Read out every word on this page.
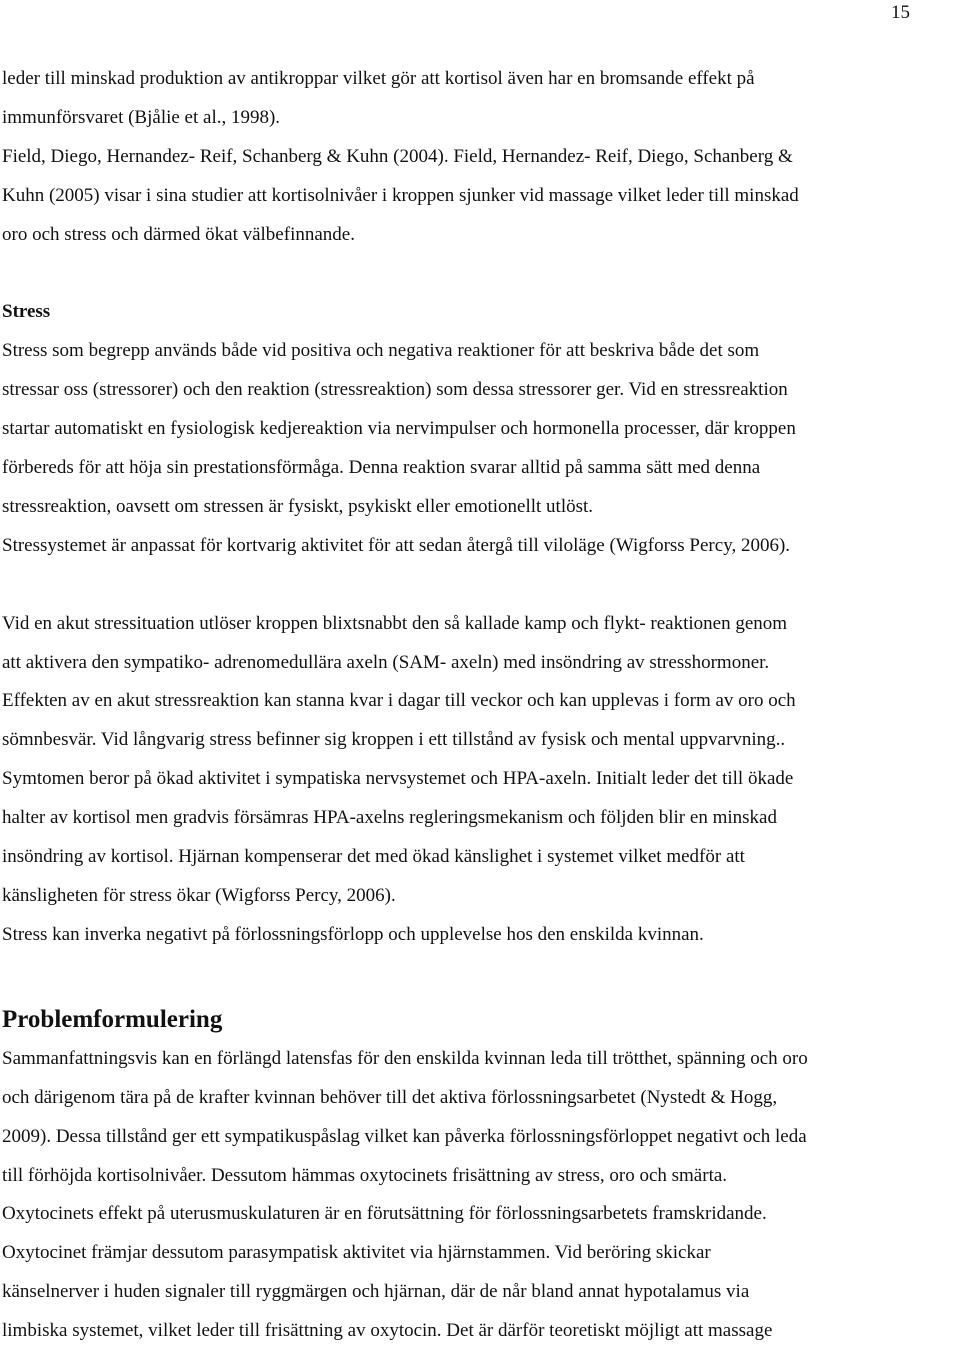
15
leder till minskad produktion av antikroppar vilket gör att kortisol även har en bromsande effekt på
immunförsvaret (Bjålie et al., 1998).
Field, Diego, Hernandez- Reif, Schanberg & Kuhn (2004). Field, Hernandez- Reif, Diego, Schanberg &
Kuhn (2005) visar i sina studier att kortisolnivåer i kroppen sjunker vid massage vilket leder till minskad
oro och stress och därmed ökat välbefinnande.
Stress
Stress som begrepp används både vid positiva och negativa reaktioner för att beskriva både det som
stressar oss (stressorer) och den reaktion (stressreaktion) som dessa stressorer ger. Vid en stressreaktion
startar automatiskt en fysiologisk kedjereaktion via nervimpulser och hormonella processer, där kroppen
förbereds för att höja sin prestationsförmåga. Denna reaktion svarar alltid på samma sätt med denna
stressreaktion, oavsett om stressen är fysiskt, psykiskt eller emotionellt utlöst.
Stressystemet är anpassat för kortvarig aktivitet för att sedan återgå till viloläge (Wigforss Percy, 2006).
Vid en akut stressituation utlöser kroppen blixtsnabbt den så kallade kamp och flykt- reaktionen genom
att aktivera den sympatiko- adrenomedullära axeln (SAM- axeln) med insöndring av stresshormoner.
Effekten av en akut stressreaktion kan stanna kvar i dagar till veckor och kan upplevas i form av oro och
sömnbesvär. Vid långvarig stress befinner sig kroppen i ett tillstånd av fysisk och mental uppvarvning..
Symtomen beror på ökad aktivitet i sympatiska nervsystemet och HPA-axeln. Initialt leder det till ökade
halter av kortisol men gradvis försämras HPA-axelns regleringsmekanism och följden blir en minskad
insöndring av kortisol. Hjärnan kompenserar det med ökad känslighet i systemet vilket medför att
känsligheten för stress ökar (Wigforss Percy, 2006).
Stress kan inverka negativt på förlossningsförlopp och upplevelse hos den enskilda kvinnan.
Problemformulering
Sammanfattningsvis kan en förlängd latensfas för den enskilda kvinnan leda till trötthet, spänning och oro
och därigenom tära på de krafter kvinnan behöver till det aktiva förlossningsarbetet (Nystedt & Hogg,
2009). Dessa tillstånd ger ett sympatikuspåslag vilket kan påverka förlossningsförloppet negativt och leda
till förhöjda kortisolnivåer. Dessutom hämmas oxytocinets frisättning av stress, oro och smärta.
Oxytocinets effekt på uterusmuskulaturen är en förutsättning för förlossningsarbetets framskridande.
Oxytocinet främjar dessutom parasympatisk aktivitet via hjärnstammen. Vid beröring skickar
känselnerver i huden signaler till ryggmärgen och hjärnan, där de når bland annat hypotalamus via
limbiska systemet, vilket leder till frisättning av oxytocin. Det är därför teoretiskt möjligt att massage
